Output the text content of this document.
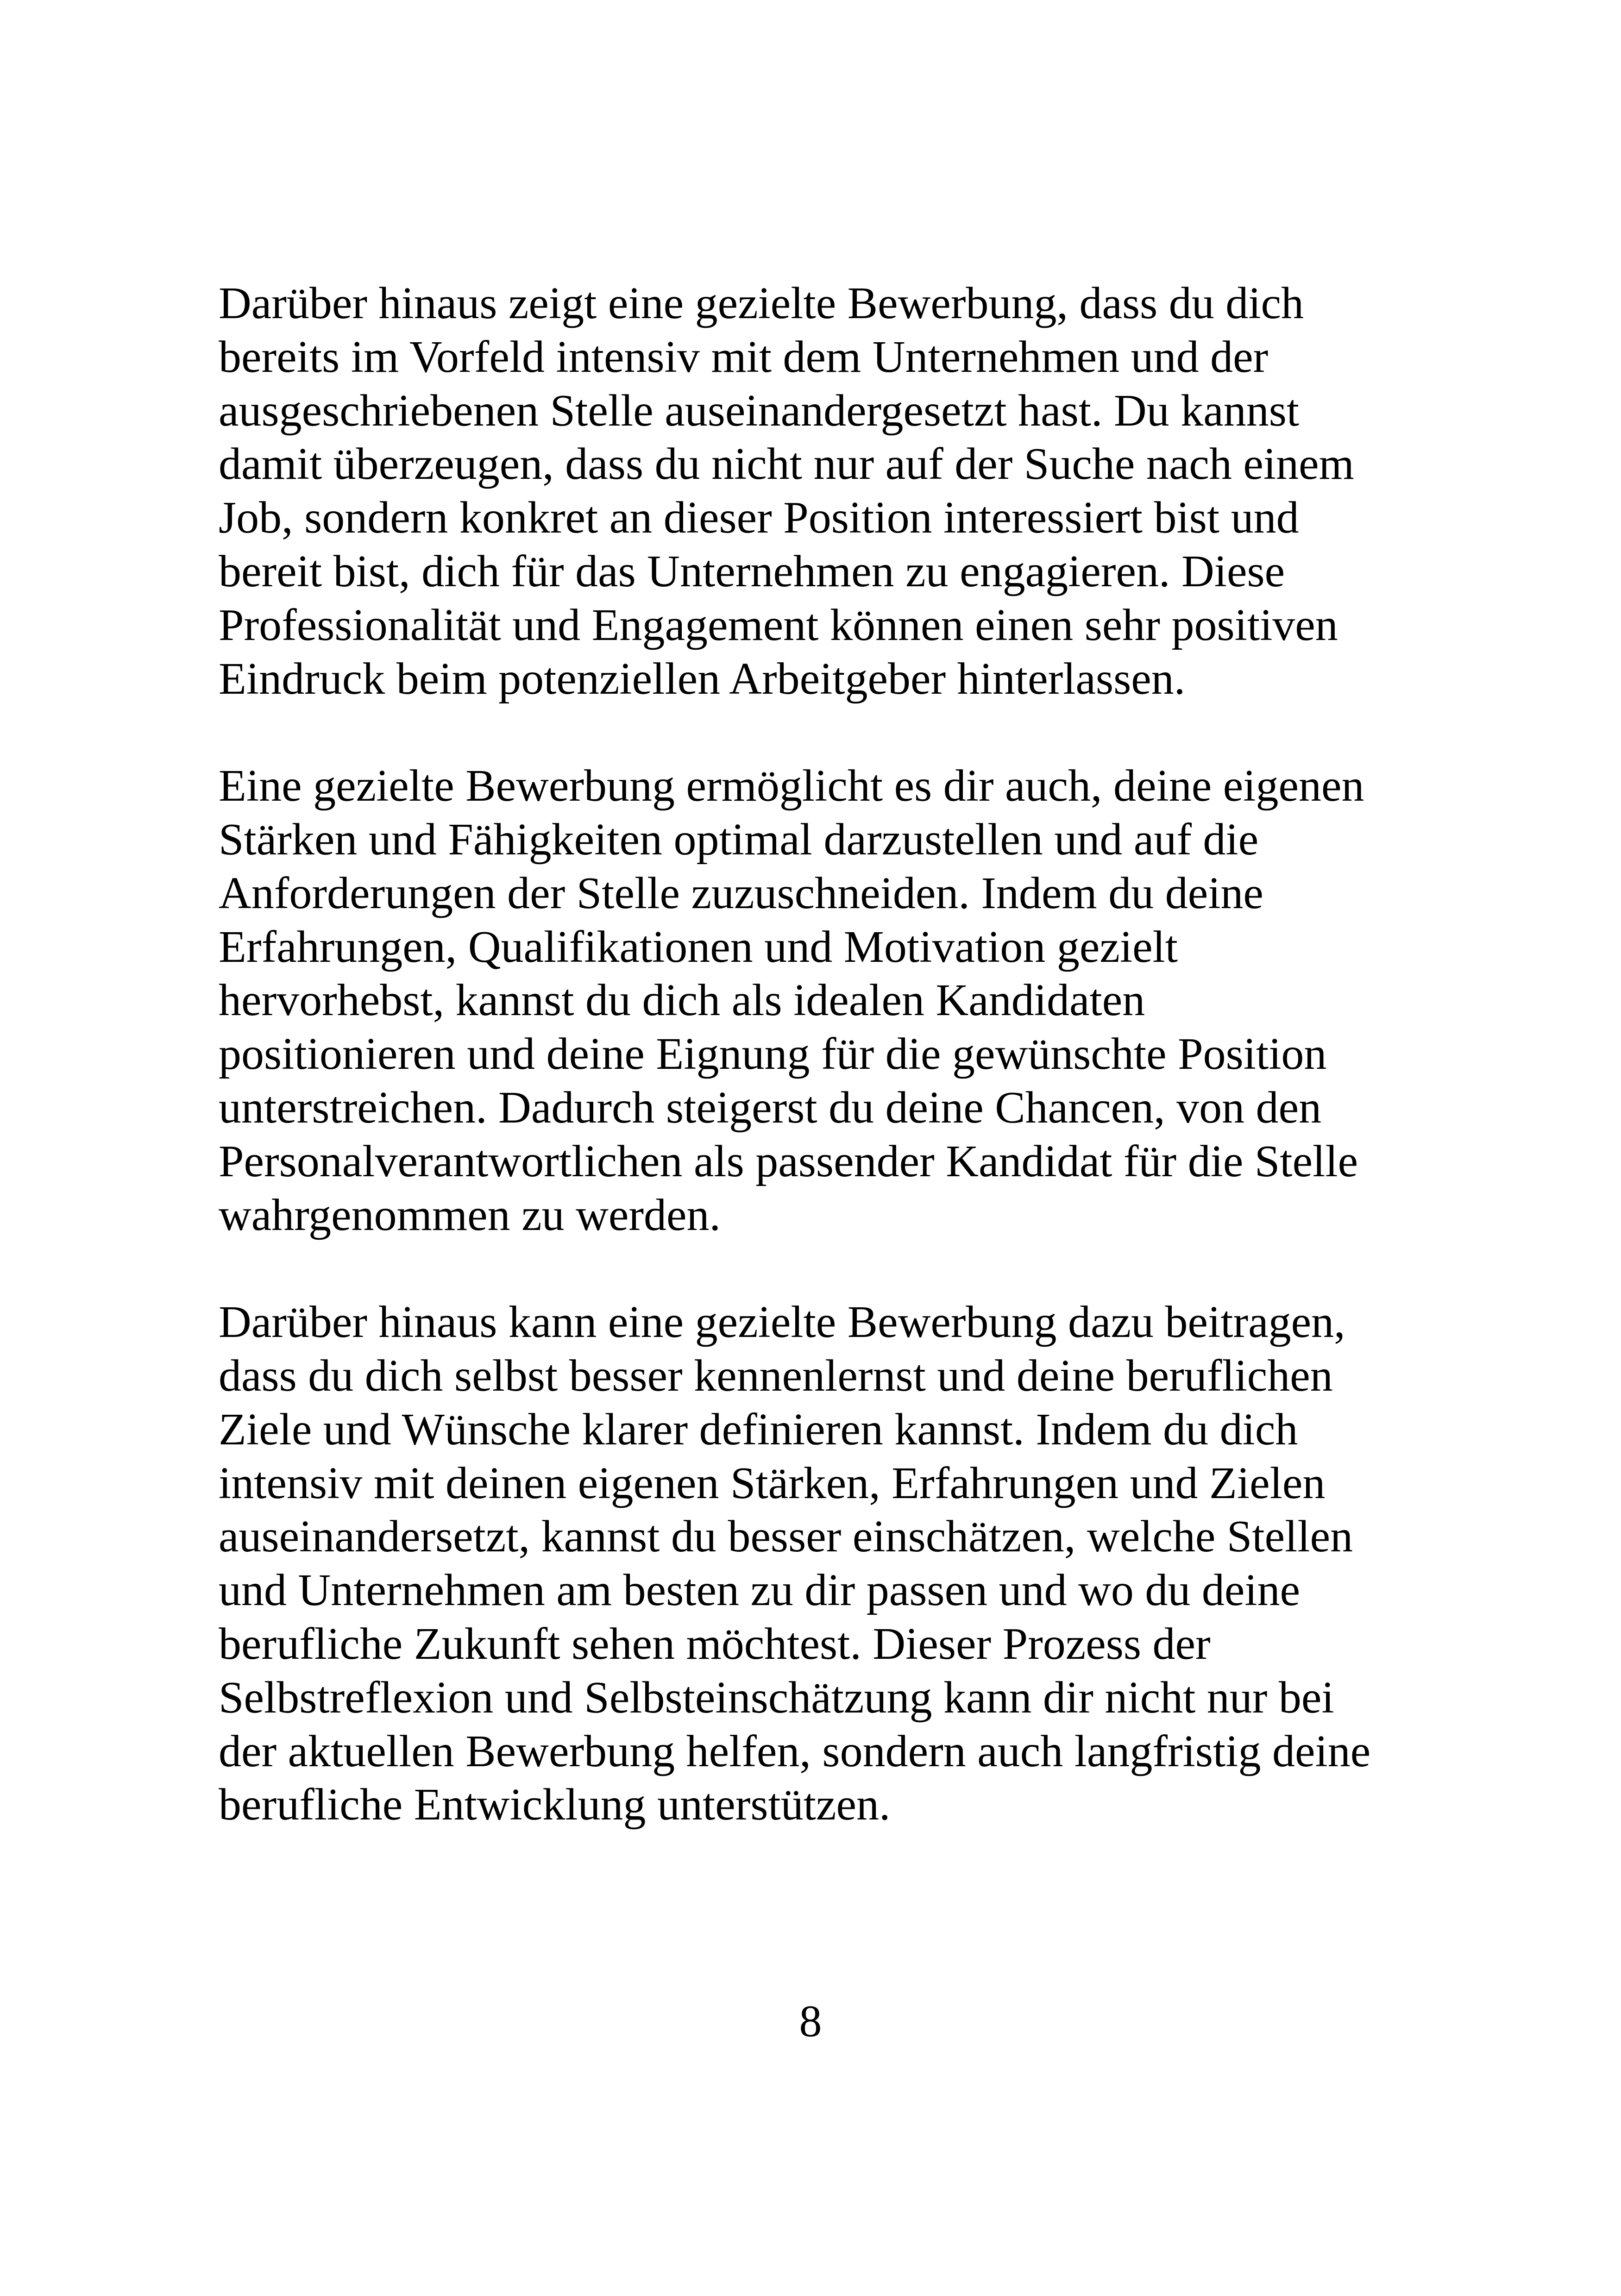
Darüber hinaus zeigt eine gezielte Bewerbung, dass du dich
bereits im Vorfeld intensiv mit dem Unternehmen und der
ausgeschriebenen Stelle auseinandergesetzt hast. Du kannst
damit überzeugen, dass du nicht nur auf der Suche nach einem
Job, sondern konkret an dieser Position interessiert bist und
bereit bist, dich für das Unternehmen zu engagieren. Diese
Professionalität und Engagement können einen sehr positiven
Eindruck beim potenziellen Arbeitgeber hinterlassen.

Eine gezielte Bewerbung ermöglicht es dir auch, deine eigenen
Stärken und Fähigkeiten optimal darzustellen und auf die
Anforderungen der Stelle zuzuschneiden. Indem du deine
Erfahrungen, Qualifikationen und Motivation gezielt
hervorhebst, kannst du dich als idealen Kandidaten
positionieren und deine Eignung für die gewünschte Position
unterstreichen. Dadurch steigerst du deine Chancen, von den
Personalverantwortlichen als passender Kandidat für die Stelle
wahrgenommen zu werden.

Darüber hinaus kann eine gezielte Bewerbung dazu beitragen,
dass du dich selbst besser kennenlernst und deine beruflichen
Ziele und Wünsche klarer definieren kannst. Indem du dich
intensiv mit deinen eigenen Stärken, Erfahrungen und Zielen
auseinandersetzt, kannst du besser einschätzen, welche Stellen
und Unternehmen am besten zu dir passen und wo du deine
berufliche Zukunft sehen möchtest. Dieser Prozess der
Selbstreflexion und Selbsteinschätzung kann dir nicht nur bei
der aktuellen Bewerbung helfen, sondern auch langfristig deine
berufliche Entwicklung unterstützen.

8
